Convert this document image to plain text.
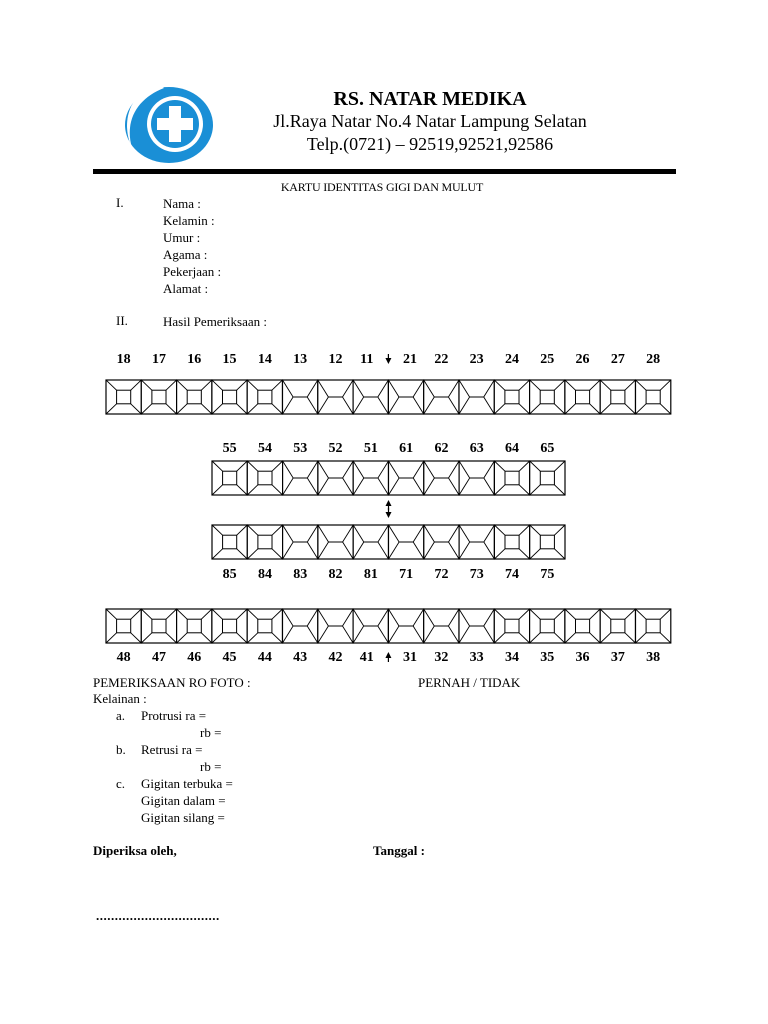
RS. NATAR MEDIKA
Jl.Raya Natar No.4 Natar Lampung Selatan
Telp.(0721) – 92519,92521,92586
KARTU IDENTITAS GIGI DAN MULUT
I.	Nama :
Kelamin :
Umur :
Agama :
Pekerjaan :
Alamat :
II.	Hasil Pemeriksaan :
18	17	16	15	14	13	12	11	21	22	23	24	25	26	27	28
55	54	53	52	51	61	62	63	64	65
85	84	83	82	81	71	72	73	74	75
48	47	46	45	44	43	42	41	31	32	33	34	35	36	37	38
PEMERIKSAAN RO FOTO :	PERNAH / TIDAK
Kelainan :
a. Protrusi ra =
rb =
b. Retrusi ra =
rb =
c. Gigitan terbuka =
Gigitan dalam =
Gigitan silang =
Diperiksa oleh,	Tanggal :
.................................
